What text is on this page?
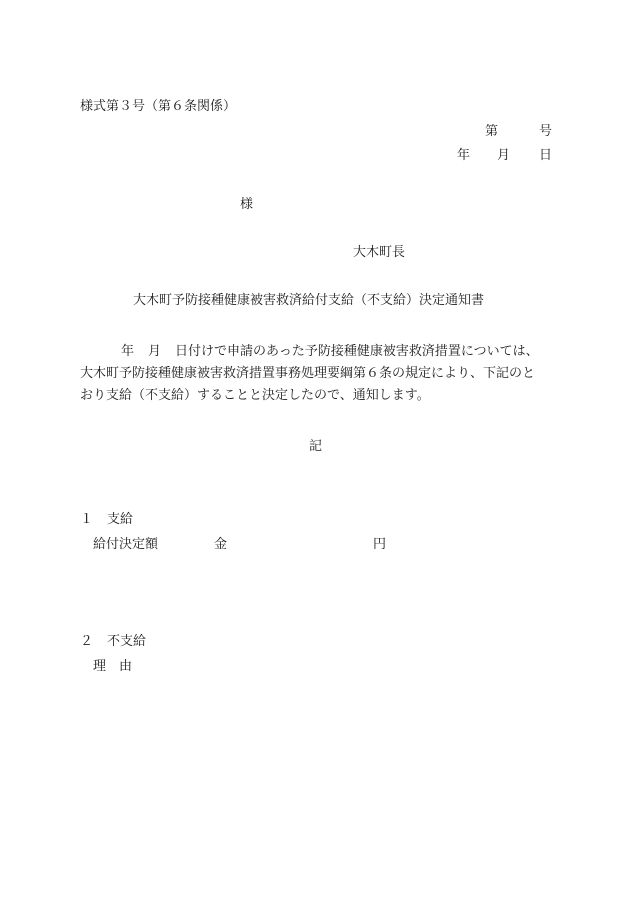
様式第３号（第６条関係）
第	号
年 月 日
様
大木町長
大木町予防接種健康被害救済給付支給（不支給）決定通知書
年 月 日付けで申請のあった予防接種健康被害救済措置については、
大木町予防接種健康被害救済措置事務処理要綱第６条の規定により、下記のと
おり支給（不支給）することと決定したので、通知します。
記
１ 支給
給付決定額	金	円
２ 不支給
理　由
